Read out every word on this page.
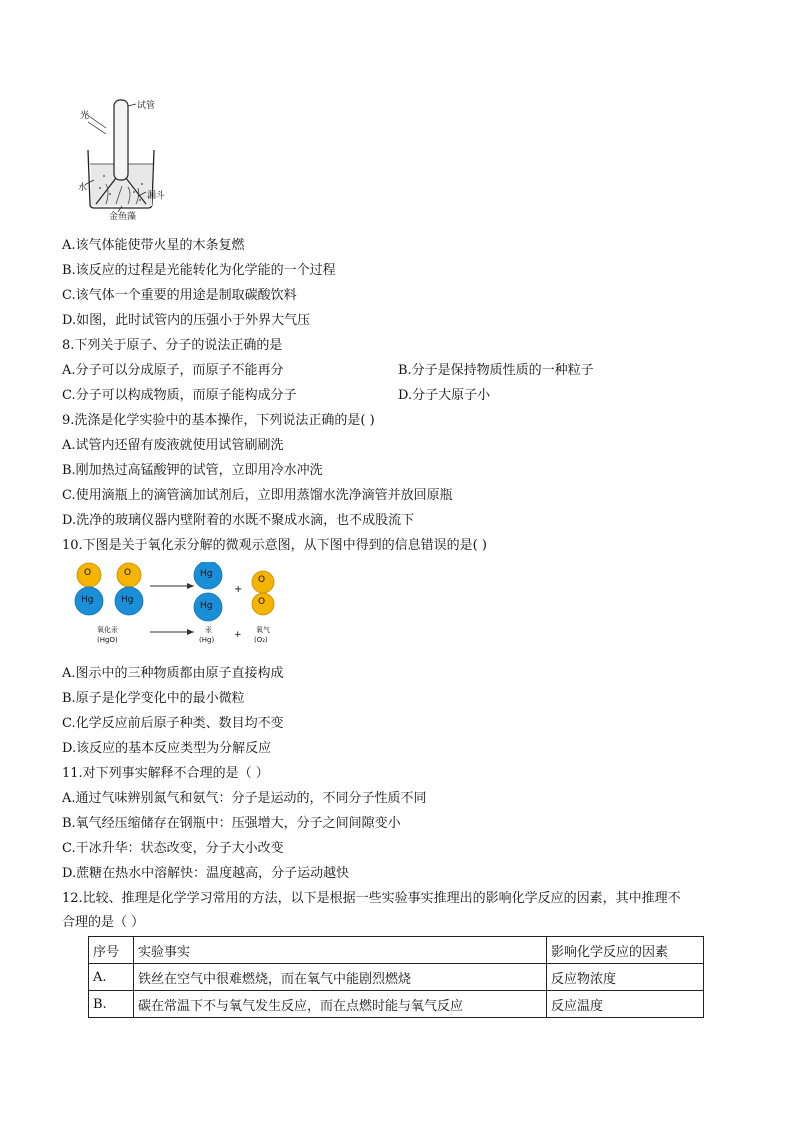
光
试管
水
漏斗
金鱼藻
A.该气体能使带火星的木条复燃
B.该反应的过程是光能转化为化学能的一个过程
C.该气体一个重要的用途是制取碳酸饮料
D.如图，此时试管内的压强小于外界大气压
8.下列关于原子、分子的说法正确的是
A.分子可以分成原子，而原子不能再分	B.分子是保持物质性质的一种粒子
C.分子可以构成物质，而原子能构成分子	D.分子大原子小
9.洗涤是化学实验中的基本操作，下列说法正确的是( )
A.试管内还留有废液就使用试管刷刷洗
B.刚加热过高锰酸钾的试管，立即用冷水冲洗
C.使用滴瓶上的滴管滴加试剂后，立即用蒸馏水洗净滴管并放回原瓶
D.洗净的玻璃仪器内壁附着的水既不聚成水滴，也不成股流下
10.下图是关于氧化汞分解的微观示意图，从下图中得到的信息错误的是( )
O
Hg
O
Hg
Hg
Hg
+
O
O
氧化汞
(HgO)
汞
(Hg) + 氧气
(O₂)
A.图示中的三种物质都由原子直接构成
B.原子是化学变化中的最小微粒
C.化学反应前后原子种类、数目均不变
D.该反应的基本反应类型为分解反应
11.对下列事实解释不合理的是（ ）
A.通过气味辨别氮气和氨气：分子是运动的，不同分子性质不同
B.氧气经压缩储存在钢瓶中：压强增大，分子之间间隙变小
C.干冰升华：状态改变，分子大小改变
D.蔗糖在热水中溶解快：温度越高，分子运动越快
12.比较、推理是化学学习常用的方法，以下是根据一些实验事实推理出的影响化学反应的因素，其中推理不
合理的是（ ）
序号	实验事实	影响化学反应的因素
A.	铁丝在空气中很难燃烧，而在氧气中能剧烈燃烧	反应物浓度
B.	碳在常温下不与氧气发生反应，而在点燃时能与氧气反应	反应温度
